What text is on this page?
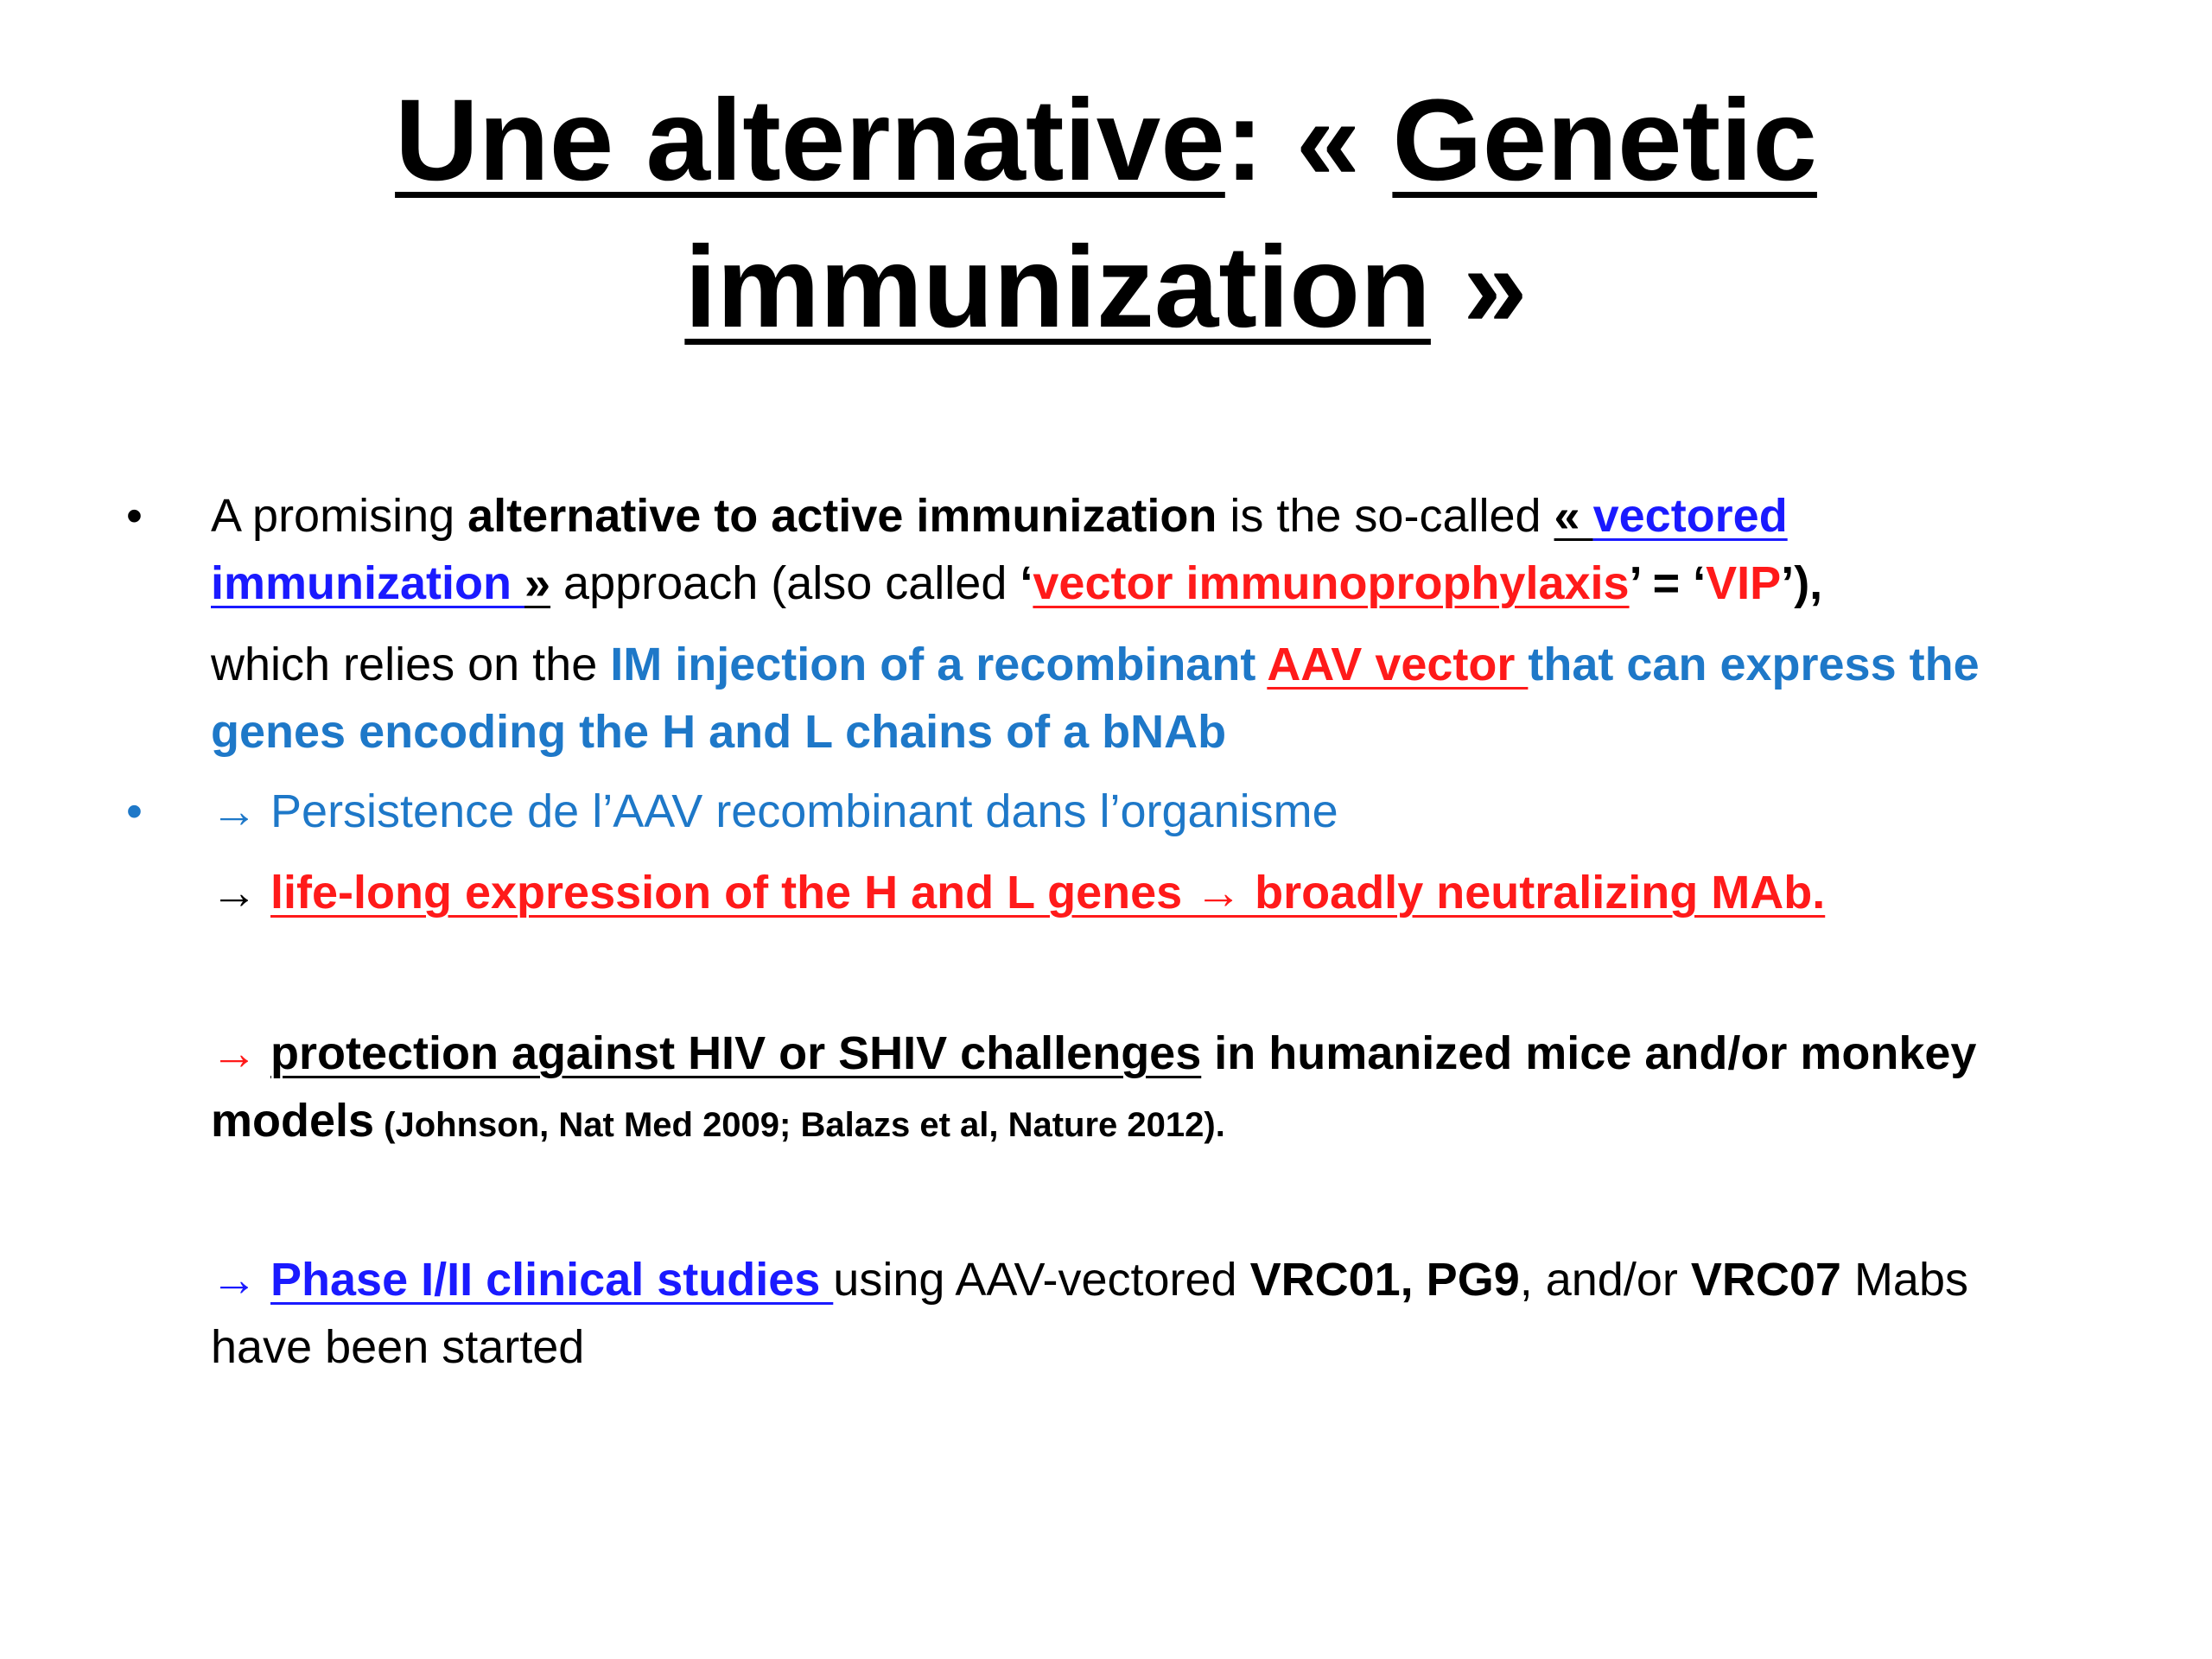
Une alternative: « Genetic
immunization »
• A promising alternative to active immunization is the so-called « vectored
immunization » approach (also called ‘vector immunoprophylaxis’ = ‘VIP’),
which relies on the IM injection of a recombinant AAV vector that can express the
genes encoding the H and L chains of a bNAb
• → Persistence de l’AAV recombinant dans l’organisme
→ life-long expression of the H and L genes → broadly neutralizing MAb.
→ protection against HIV or SHIV challenges in humanized mice and/or monkey
models (Johnson, Nat Med 2009; Balazs et al, Nature 2012).
→ Phase I/II clinical studies using AAV-vectored VRC01, PG9, and/or VRC07 Mabs
have been started
